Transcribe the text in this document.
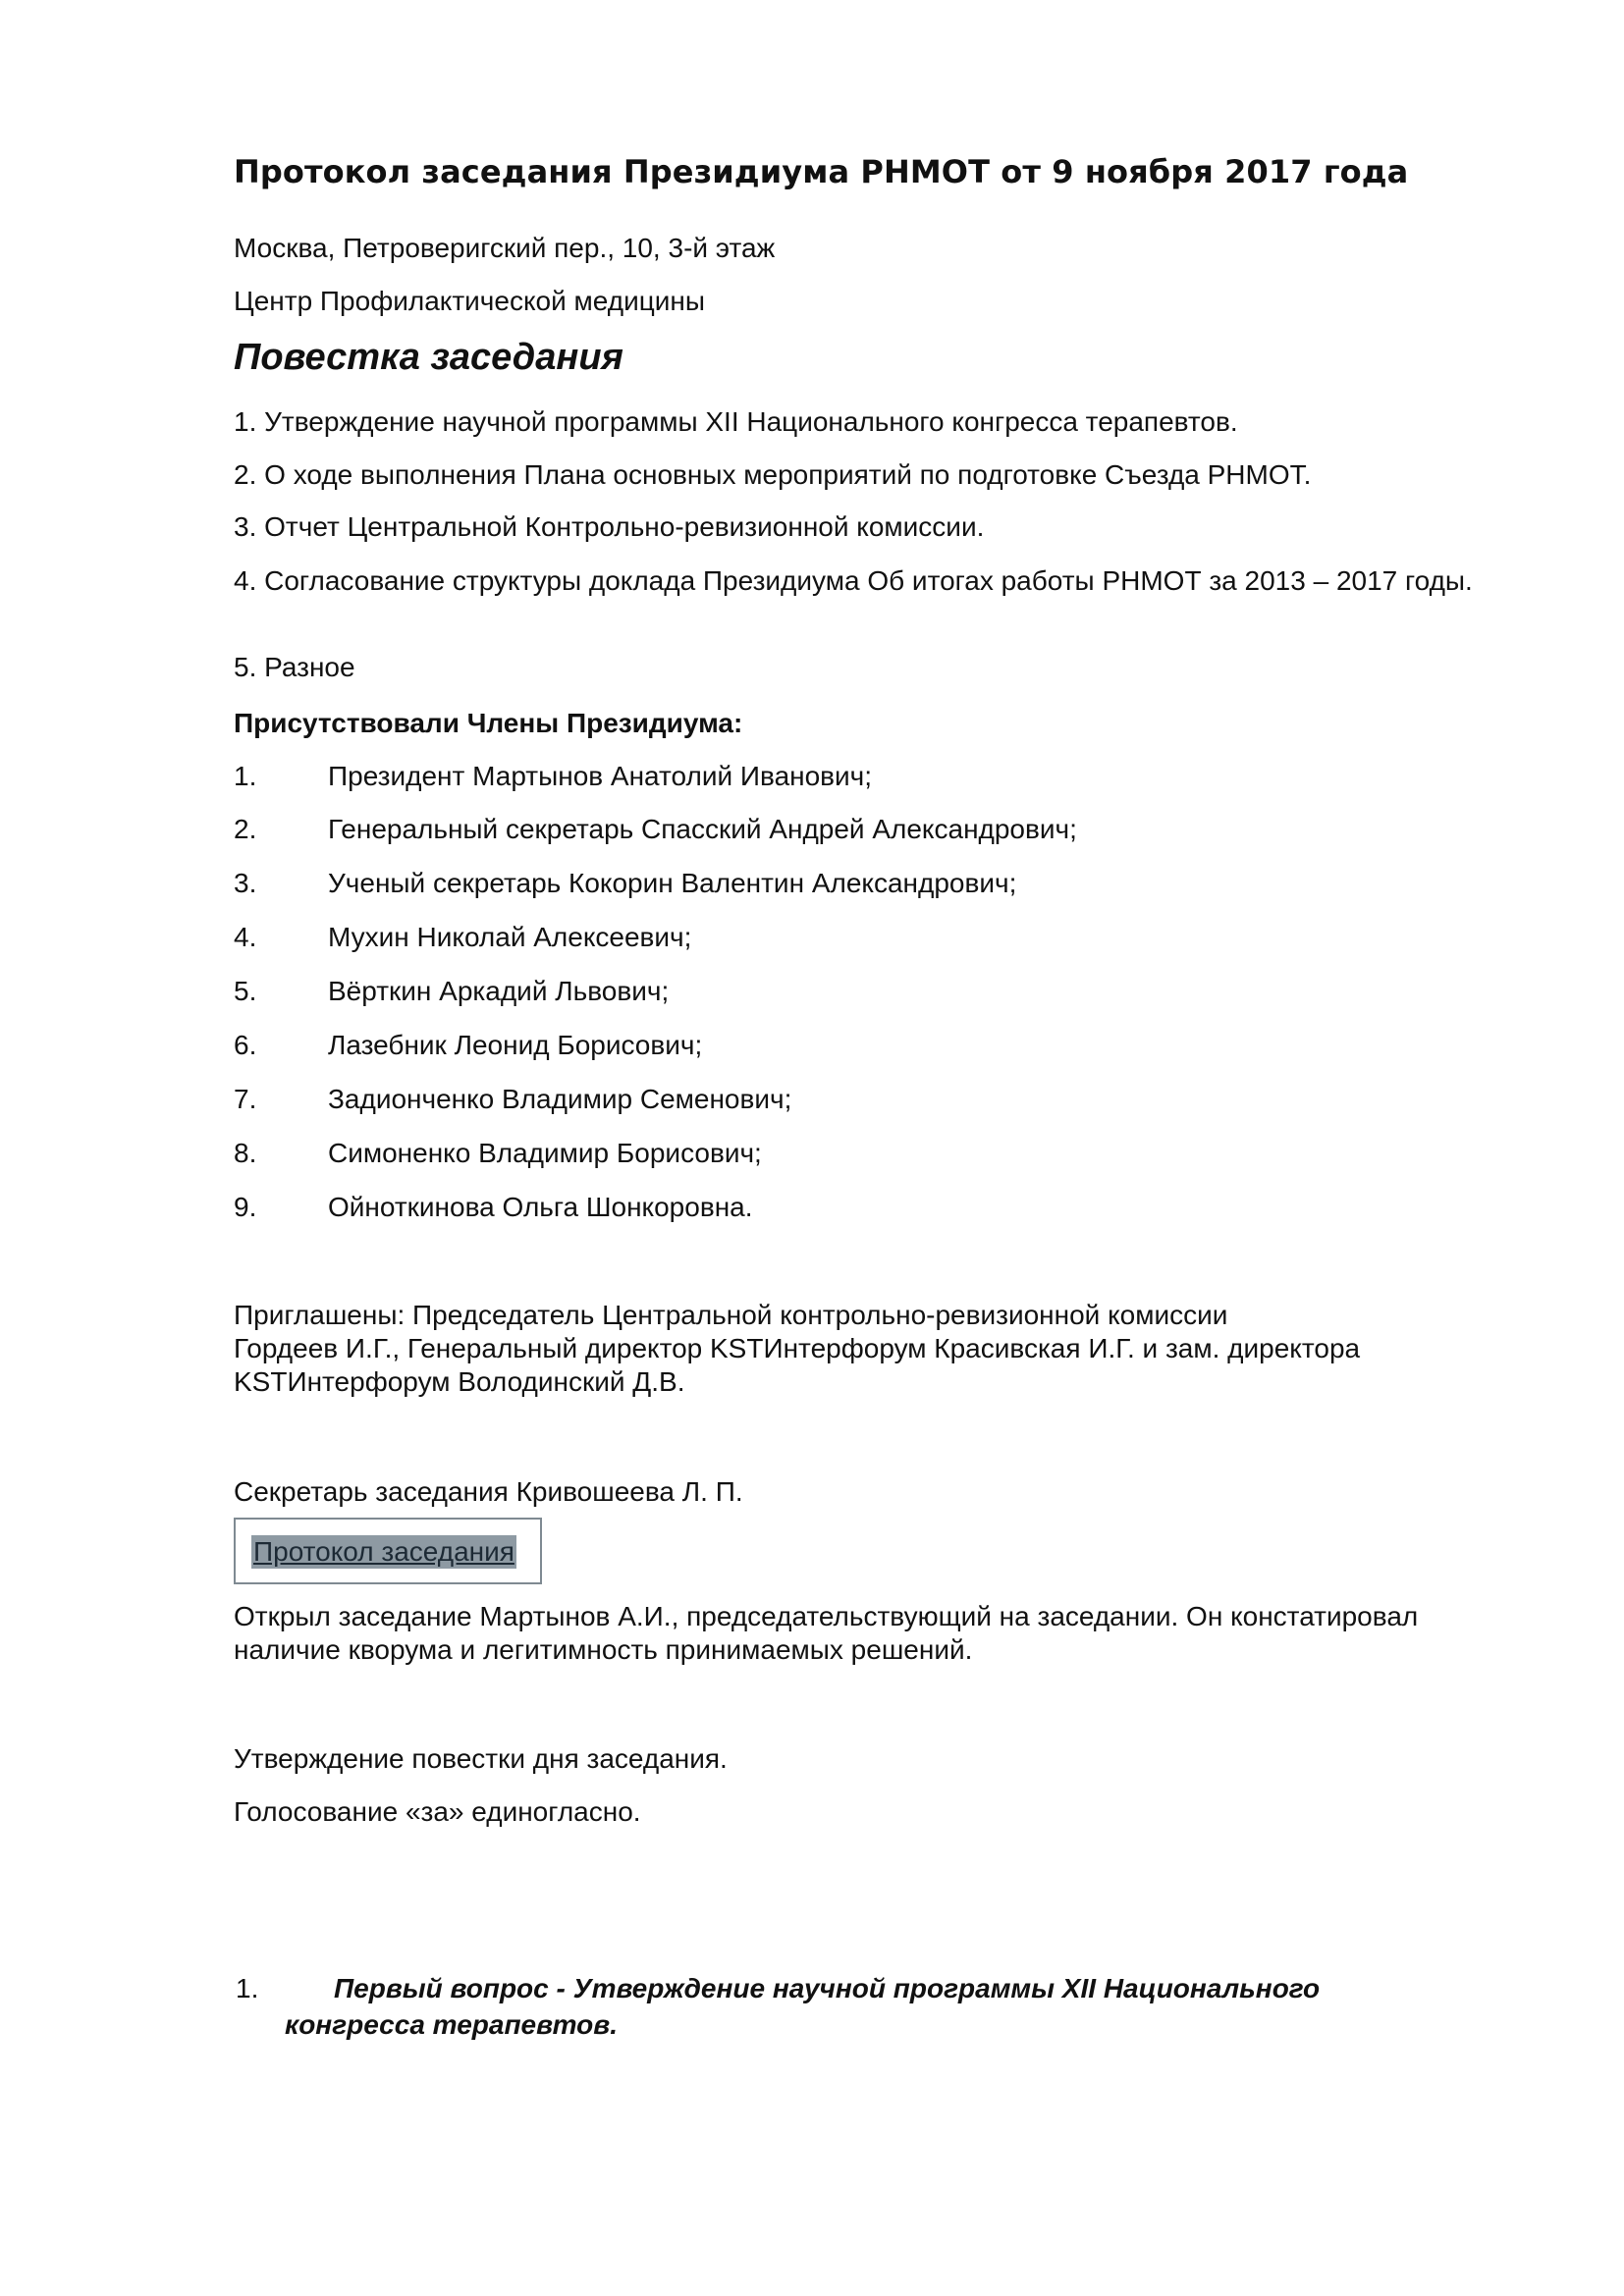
Протокол заседания Президиума РНМОТ от 9 ноября 2017 года
Москва, Петроверигский пер., 10, 3-й этаж
Центр Профилактической медицины
Повестка заседания
1. Утверждение научной программы XII Национального конгресса терапевтов.
2. О ходе выполнения Плана основных мероприятий по подготовке Съезда РНМОТ.
3. Отчет Центральной Контрольно-ревизионной комиссии.
4. Согласование структуры доклада Президиума Об итогах работы РНМОТ за 2013 – 2017 годы.
5. Разное
Присутствовали Члены Президиума:
1.	Президент Мартынов Анатолий Иванович;
2.	Генеральный секретарь Спасский Андрей Александрович;
3.	Ученый секретарь Кокорин Валентин Александрович;
4.	Мухин Николай Алексеевич;
5.	Вёрткин Аркадий Львович;
6.	Лазебник Леонид Борисович;
7.	Задионченко Владимир Семенович;
8.	Симоненко Владимир Борисович;
9.	Ойноткинова Ольга Шонкоровна.
Приглашены: Председатель Центральной контрольно-ревизионной комиссии
Гордеев И.Г., Генеральный директор KSTИнтерфорум Красивская И.Г. и зам. директора
KSTИнтерфорум Володинский Д.В.
Секретарь заседания Кривошеева Л. П.
Протокол заседания
Открыл заседание Мартынов А.И., председательствующий на заседании. Он констатировал
наличие кворума и легитимность принимаемых решений.
Утверждение повестки дня заседания.
Голосование «за» единогласно.
1.	Первый вопрос - Утверждение научной программы XII Национального
конгресса терапевтов.
